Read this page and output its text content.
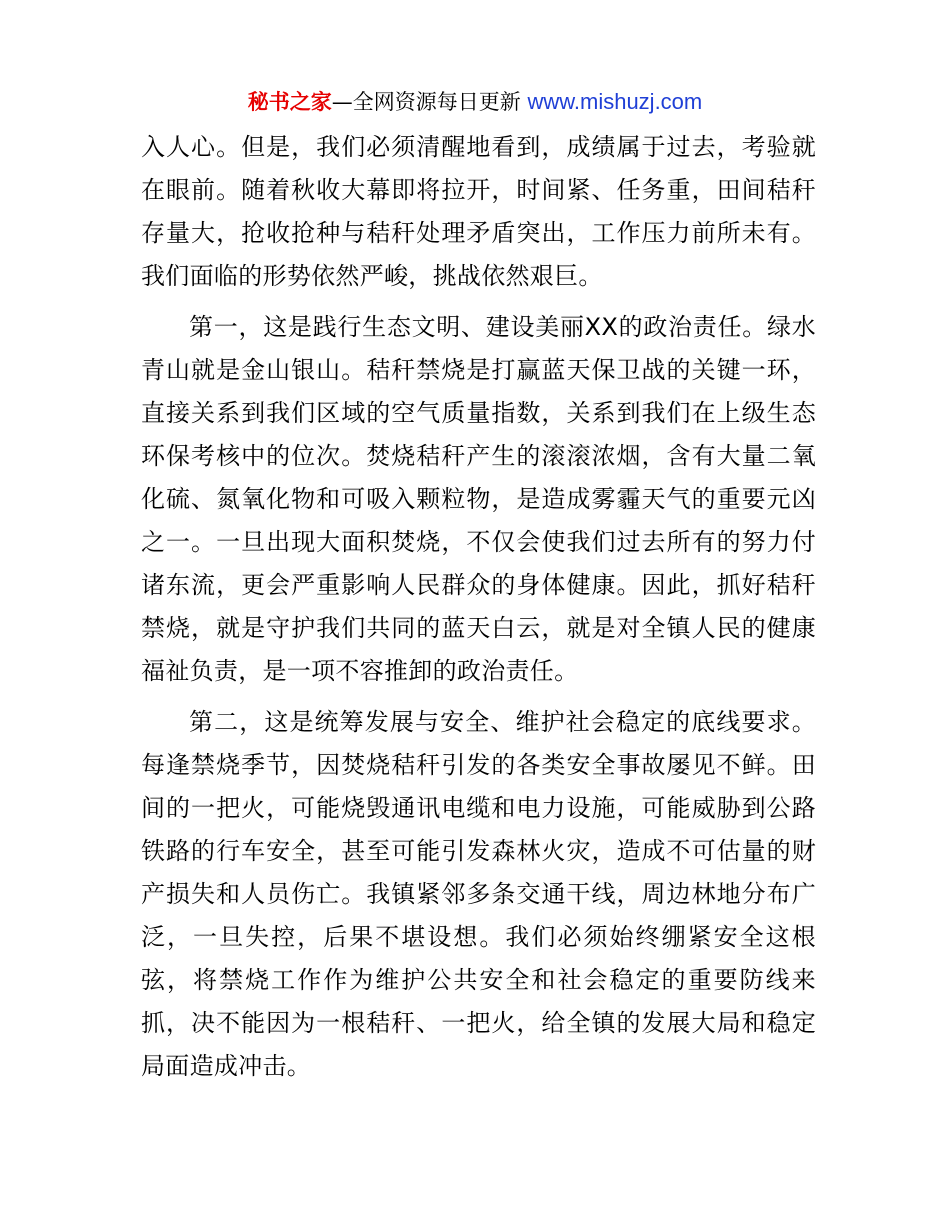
秘书之家—全网资源每日更新 www.mishuzj.com

入人心。但是，我们必须清醒地看到，成绩属于过去，考验就在眼前。随着秋收大幕即将拉开，时间紧、任务重，田间秸秆存量大，抢收抢种与秸秆处理矛盾突出，工作压力前所未有。我们面临的形势依然严峻，挑战依然艰巨。

第一，这是践行生态文明、建设美丽XX的政治责任。绿水青山就是金山银山。秸秆禁烧是打赢蓝天保卫战的关键一环，直接关系到我们区域的空气质量指数，关系到我们在上级生态环保考核中的位次。焚烧秸秆产生的滚滚浓烟，含有大量二氧化硫、氮氧化物和可吸入颗粒物，是造成雾霾天气的重要元凶之一。一旦出现大面积焚烧，不仅会使我们过去所有的努力付诸东流，更会严重影响人民群众的身体健康。因此，抓好秸秆禁烧，就是守护我们共同的蓝天白云，就是对全镇人民的健康福祉负责，是一项不容推卸的政治责任。

第二，这是统筹发展与安全、维护社会稳定的底线要求。每逢禁烧季节，因焚烧秸秆引发的各类安全事故屡见不鲜。田间的一把火，可能烧毁通讯电缆和电力设施，可能威胁到公路铁路的行车安全，甚至可能引发森林火灾，造成不可估量的财产损失和人员伤亡。我镇紧邻多条交通干线，周边林地分布广泛，一旦失控，后果不堪设想。我们必须始终绷紧安全这根弦，将禁烧工作作为维护公共安全和社会稳定的重要防线来抓，决不能因为一根秸秆、一把火，给全镇的发展大局和稳定局面造成冲击。
